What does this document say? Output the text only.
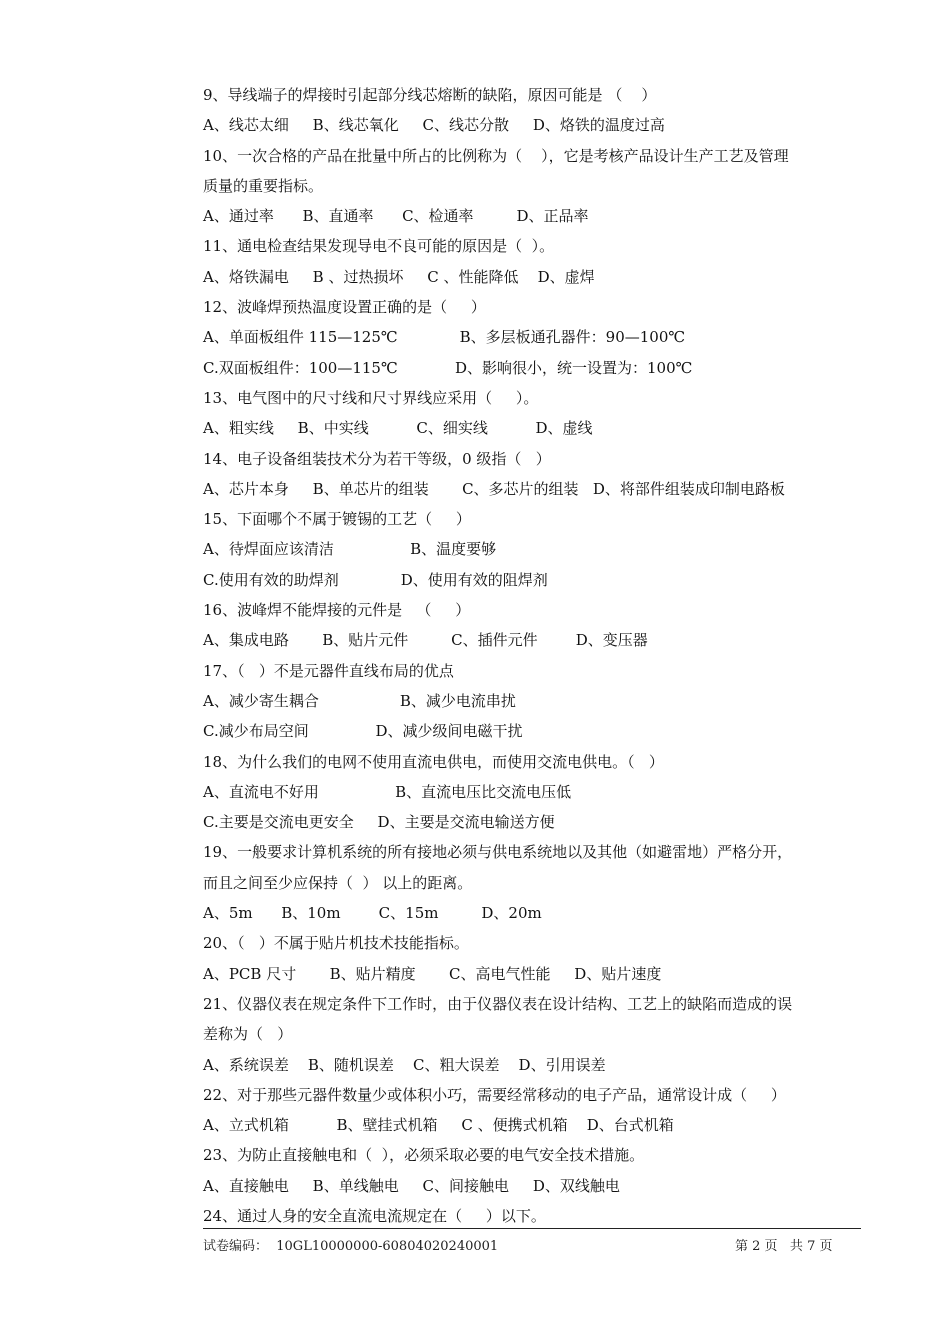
9、导线端子的焊接时引起部分线芯熔断的缺陷，原因可能是 （    ）
A、线芯太细     B、线芯氧化     C、线芯分散     D、烙铁的温度过高
10、一次合格的产品在批量中所占的比例称为（    ），它是考核产品设计生产工艺及管理
质量的重要指标。
A、通过率      B、直通率      C、检通率         D、正品率
11、通电检查结果发现导电不良可能的原因是（  ）。
A、烙铁漏电     B 、过热损坏     C 、性能降低    D、虚焊
12、波峰焊预热温度设置正确的是（     ）
A、单面板组件 115—125℃             B、多层板通孔器件：90—100℃
C.双面板组件：100—115℃            D、影响很小，统一设置为：100℃
13、电气图中的尺寸线和尺寸界线应采用（     ）。
A、粗实线     B、中实线          C、细实线          D、虚线
14、电子设备组装技术分为若干等级，0 级指（   ）
A、芯片本身     B、单芯片的组装       C、多芯片的组装   D、将部件组装成印制电路板
15、下面哪个不属于镀锡的工艺（     ）
A、待焊面应该清洁                B、温度要够
C.使用有效的助焊剂             D、使用有效的阻焊剂
16、波峰焊不能焊接的元件是   （     ）
A、集成电路       B、贴片元件         C、插件元件        D、变压器
17、（   ）不是元器件直线布局的优点
A、减少寄生耦合                 B、减少电流串扰
C.减少布局空间              D、减少级间电磁干扰
18、为什么我们的电网不使用直流电供电，而使用交流电供电。（   ）
A、直流电不好用                B、直流电压比交流电压低
C.主要是交流电更安全     D、主要是交流电输送方便
19、一般要求计算机系统的所有接地必须与供电系统地以及其他（如避雷地）严格分开，
而且之间至少应保持（  ） 以上的距离。
A、5m      B、10m        C、15m         D、20m
20、（   ）不属于贴片机技术技能指标。
A、PCB 尺寸       B、贴片精度       C、高电气性能     D、贴片速度
21、仪器仪表在规定条件下工作时，由于仪器仪表在设计结构、工艺上的缺陷而造成的误
差称为（   ）
A、系统误差    B、随机误差    C、粗大误差    D、引用误差
22、对于那些元器件数量少或体积小巧，需要经常移动的电子产品，通常设计成（     ）
A、立式机箱          B、壁挂式机箱     C 、便携式机箱    D、台式机箱
23、为防止直接触电和（  ），必须采取必要的电气安全技术措施。
A、直接触电     B、单线触电     C、间接触电     D、双线触电
24、通过人身的安全直流电流规定在（     ）以下。
试卷编码：  10GL10000000-60804020240001	第 2 页   共 7 页
